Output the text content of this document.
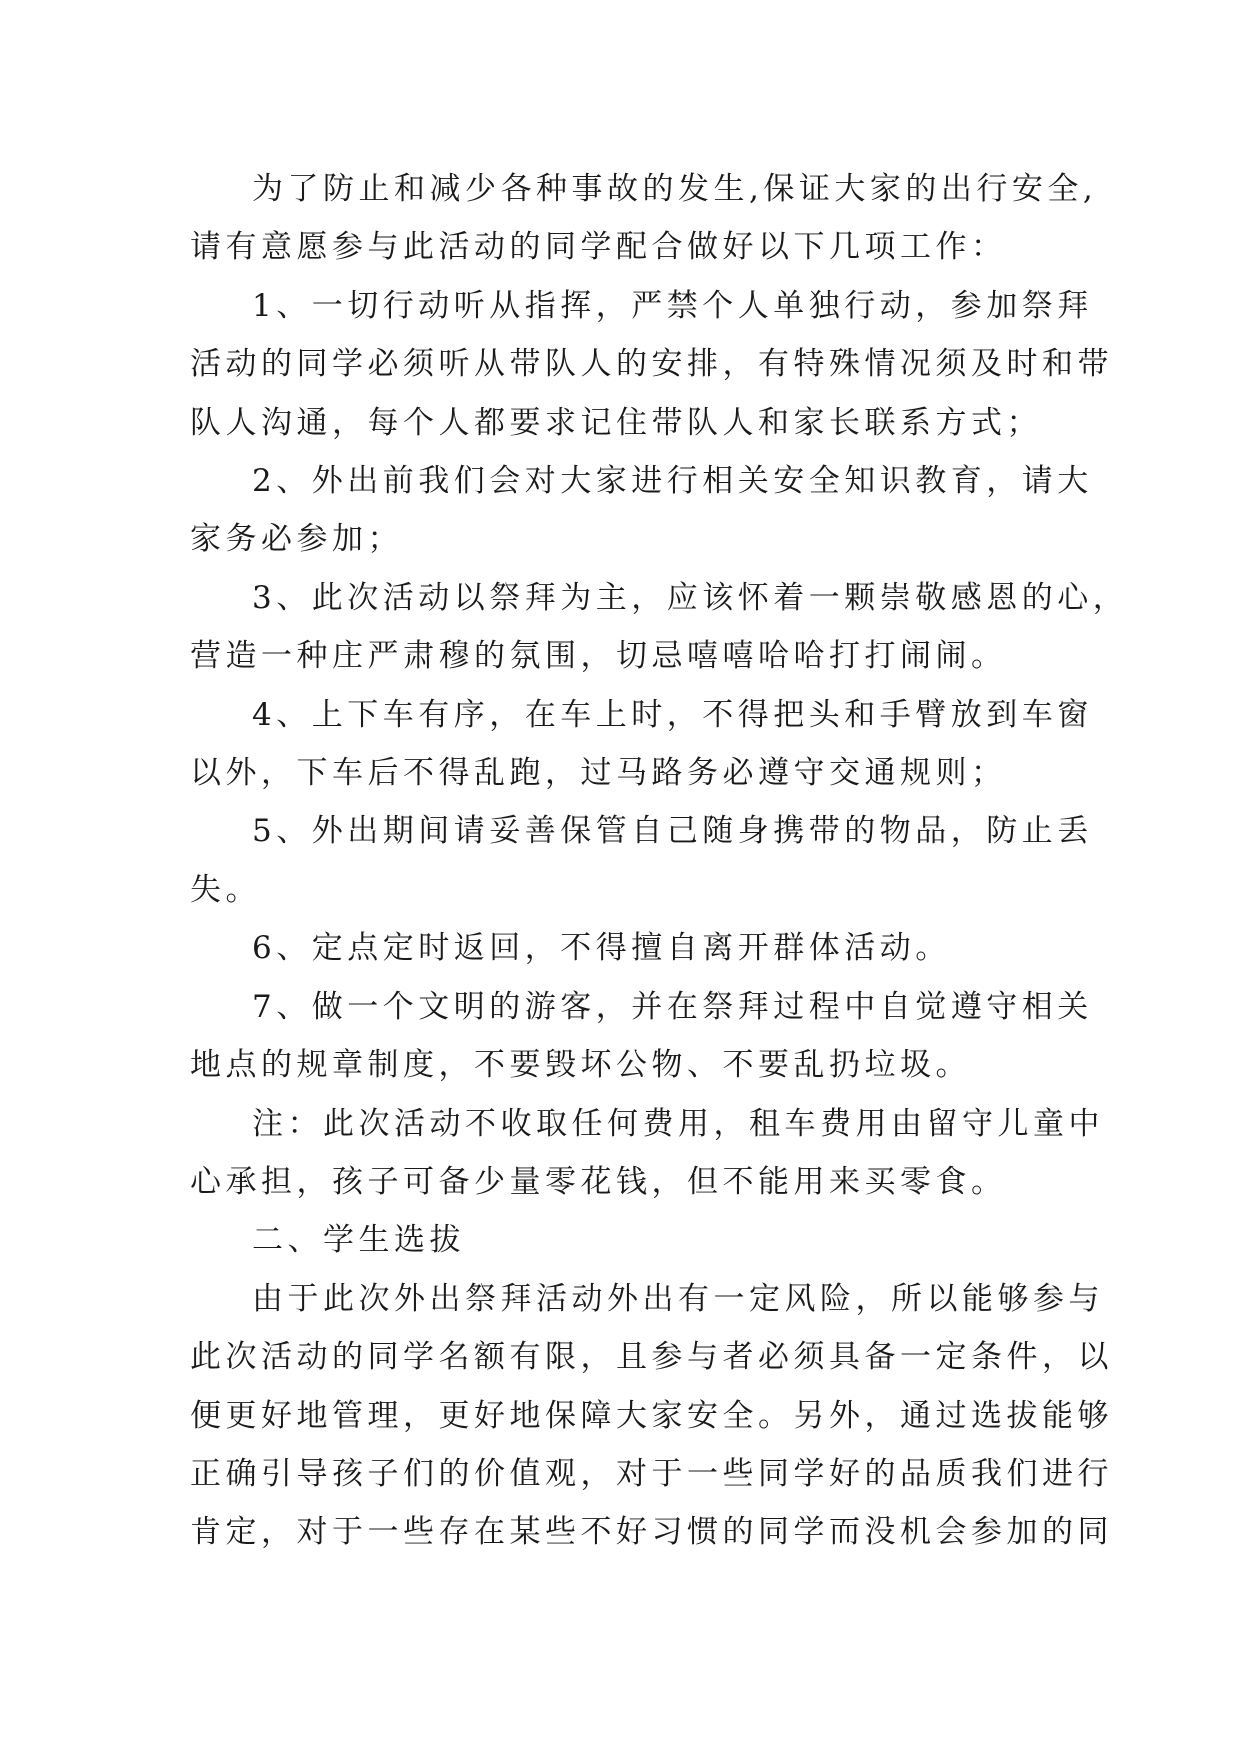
为了防止和减少各种事故的发生,保证大家的出行安全,
请有意愿参与此活动的同学配合做好以下几项工作：

1、一切行动听从指挥，严禁个人单独行动，参加祭拜
活动的同学必须听从带队人的安排，有特殊情况须及时和带
队人沟通，每个人都要求记住带队人和家长联系方式；

2、外出前我们会对大家进行相关安全知识教育，请大
家务必参加；

3、此次活动以祭拜为主，应该怀着一颗崇敬感恩的心，
营造一种庄严肃穆的氛围，切忌嘻嘻哈哈打打闹闹。

4、上下车有序，在车上时，不得把头和手臂放到车窗
以外，下车后不得乱跑，过马路务必遵守交通规则；

5、外出期间请妥善保管自己随身携带的物品，防止丢
失。

6、定点定时返回，不得擅自离开群体活动。

7、做一个文明的游客，并在祭拜过程中自觉遵守相关
地点的规章制度，不要毁坏公物、不要乱扔垃圾。

注：此次活动不收取任何费用，租车费用由留守儿童中
心承担，孩子可备少量零花钱，但不能用来买零食。

二、学生选拔

由于此次外出祭拜活动外出有一定风险，所以能够参与
此次活动的同学名额有限，且参与者必须具备一定条件，以
便更好地管理，更好地保障大家安全。另外，通过选拔能够
正确引导孩子们的价值观，对于一些同学好的品质我们进行
肯定，对于一些存在某些不好习惯的同学而没机会参加的同
